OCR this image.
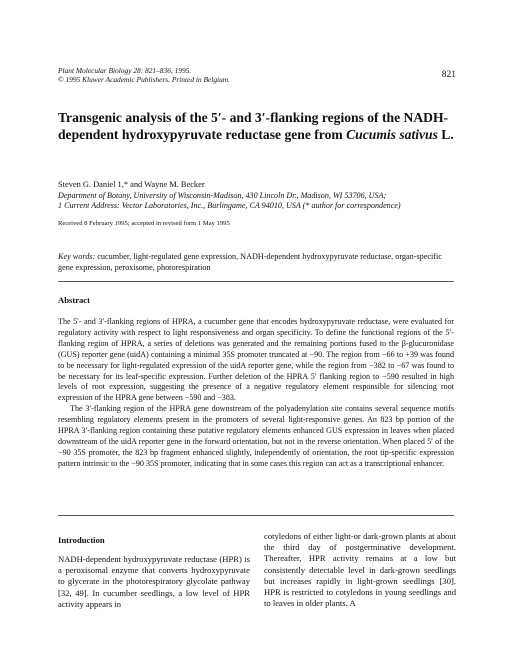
Plant Molecular Biology 28: 821–836, 1995.
© 1995 Kluwer Academic Publishers. Printed in Belgium.	821
Transgenic analysis of the 5′- and 3′-flanking regions of the NADH-dependent hydroxypyruvate reductase gene from Cucumis sativus L.
Steven G. Daniel 1,* and Wayne M. Becker
Department of Botany, University of Wisconsin-Madison, 430 Lincoln Dr., Madison, WI 53706, USA;
1 Current Address: Vector Laboratories, Inc., Burlingame, CA 94010, USA (* author for correspondence)
Received 8 February 1995; accepted in revised form 1 May 1995
Key words: cucumber, light-regulated gene expression, NADH-dependent hydroxypyruvate reductase, organ-specific gene expression, peroxisome, photorespiration
Abstract

The 5′- and 3′-flanking regions of HPRA, a cucumber gene that encodes hydroxypyruvate reductase, were evaluated for regulatory activity with respect to light responsiveness and organ specificity. To define the functional regions of the 5′-flanking region of HPRA, a series of deletions was generated and the remaining portions fused to the β-glucuronidase (GUS) reporter gene (uidA) containing a minimal 35S promoter truncated at −90. The region from −66 to +39 was found to be necessary for light-regulated expression of the uidA reporter gene, while the region from −382 to −67 was found to be necessary for its leaf-specific expression. Further deletion of the HPRA 5′ flanking region to −590 resulted in high levels of root expression, suggesting the presence of a negative regulatory element responsible for silencing root expression of the HPRA gene between −590 and −383.

The 3′-flanking region of the HPRA gene downstream of the polyadenylation site contains several sequence motifs resembling regulatory elements present in the promoters of several light-responsive genes. An 823 bp portion of the HPRA 3′-flanking region containing these putative regulatory elements enhanced GUS expression in leaves when placed downstream of the uidA reporter gene in the forward orientation, but not in the reverse orientation. When placed 5′ of the −90 35S promoter, the 823 bp fragment enhanced slightly, independently of orientation, the root tip-specific expression pattern intrinsic to the −90 35S promoter, indicating that in some cases this region can act as a transcriptional enhancer.

Introduction

NADH-dependent hydroxypyruvate reductase (HPR) is a peroxisomal enzyme that converts hydroxypyruvate to glycerate in the photorespiratory glycolate pathway [32, 49]. In cucumber seedlings, a low level of HPR activity appears in

cotyledons of either light-or dark-grown plants at about the third day of postgerminative development. Thereafter, HPR activity remains at a low but consistently detectable level in dark-grown seedlings but increases rapidly in light-grown seedlings [30]. HPR is restricted to cotyledons in young seedlings and to leaves in older plants. A
